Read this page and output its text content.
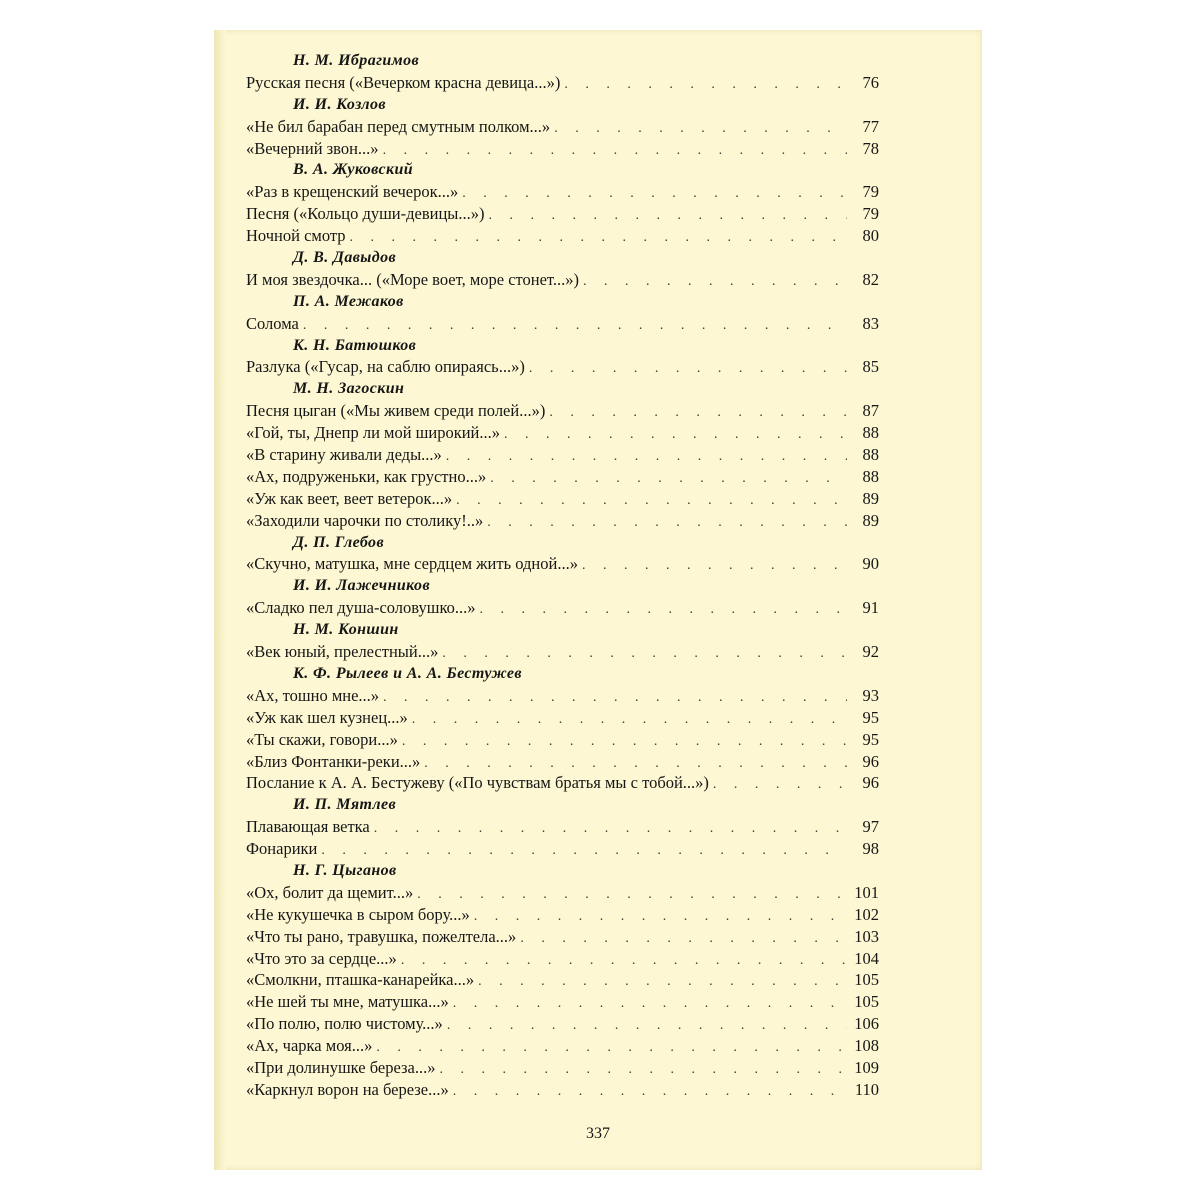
Н. М. Ибрагимов
Русская песня («Вечерком красна девица...») . . .	76
И. И. Козлов
«Не бил барабан перед смутным полком...» . . .	77
«Вечерний звон...» . . .	78
В. А. Жуковский
«Раз в крещенский вечерок...» . . .	79
Песня («Кольцо души-девицы...») . . .	79
Ночной смотр . . .	80
Д. В. Давыдов
И моя звездочка... («Море воет, море стонет...») . . .	82
П. А. Межаков
Солома . . .	83
К. Н. Батюшков
Разлука («Гусар, на саблю опираясь...») . . .	85
М. Н. Загоскин
Песня цыган («Мы живем среди полей...») . . .	87
«Гой, ты, Днепр ли мой широкий...» . . .	88
«В старину живали деды...» . . .	88
«Ах, подруженьки, как грустно...» . . .	88
«Уж как веет, веет ветерок...» . . .	89
«Заходили чарочки по столику!..» . . .	89
Д. П. Глебов
«Скучно, матушка, мне сердцем жить одной...» . . .	90
И. И. Лажечников
«Сладко пел душа-соловушко...» . . .	91
Н. М. Коншин
«Век юный, прелестный...» . . .	92
К. Ф. Рылеев и А. А. Бестужев
«Ах, тошно мне...» . . .	93
«Уж как шел кузнец...» . . .	95
«Ты скажи, говори...» . . .	95
«Близ Фонтанки-реки...» . . .	96
Послание к А. А. Бестужеву («По чувствам братья мы с тобой...») . . .	96
И. П. Мятлев
Плавающая ветка . . .	97
Фонарики . . .	98
Н. Г. Цыганов
«Ох, болит да щемит...» . . .	101
«Не кукушечка в сыром бору...» . . .	102
«Что ты рано, травушка, пожелтела...» . . .	103
«Что это за сердце...» . . .	104
«Смолкни, пташка-канарейка...» . . .	105
«Не шей ты мне, матушка...» . . .	105
«По полю, полю чистому...» . . .	106
«Ах, чарка моя...» . . .	108
«При долинушке береза...» . . .	109
«Каркнул ворон на березе...» . . .	110
337
